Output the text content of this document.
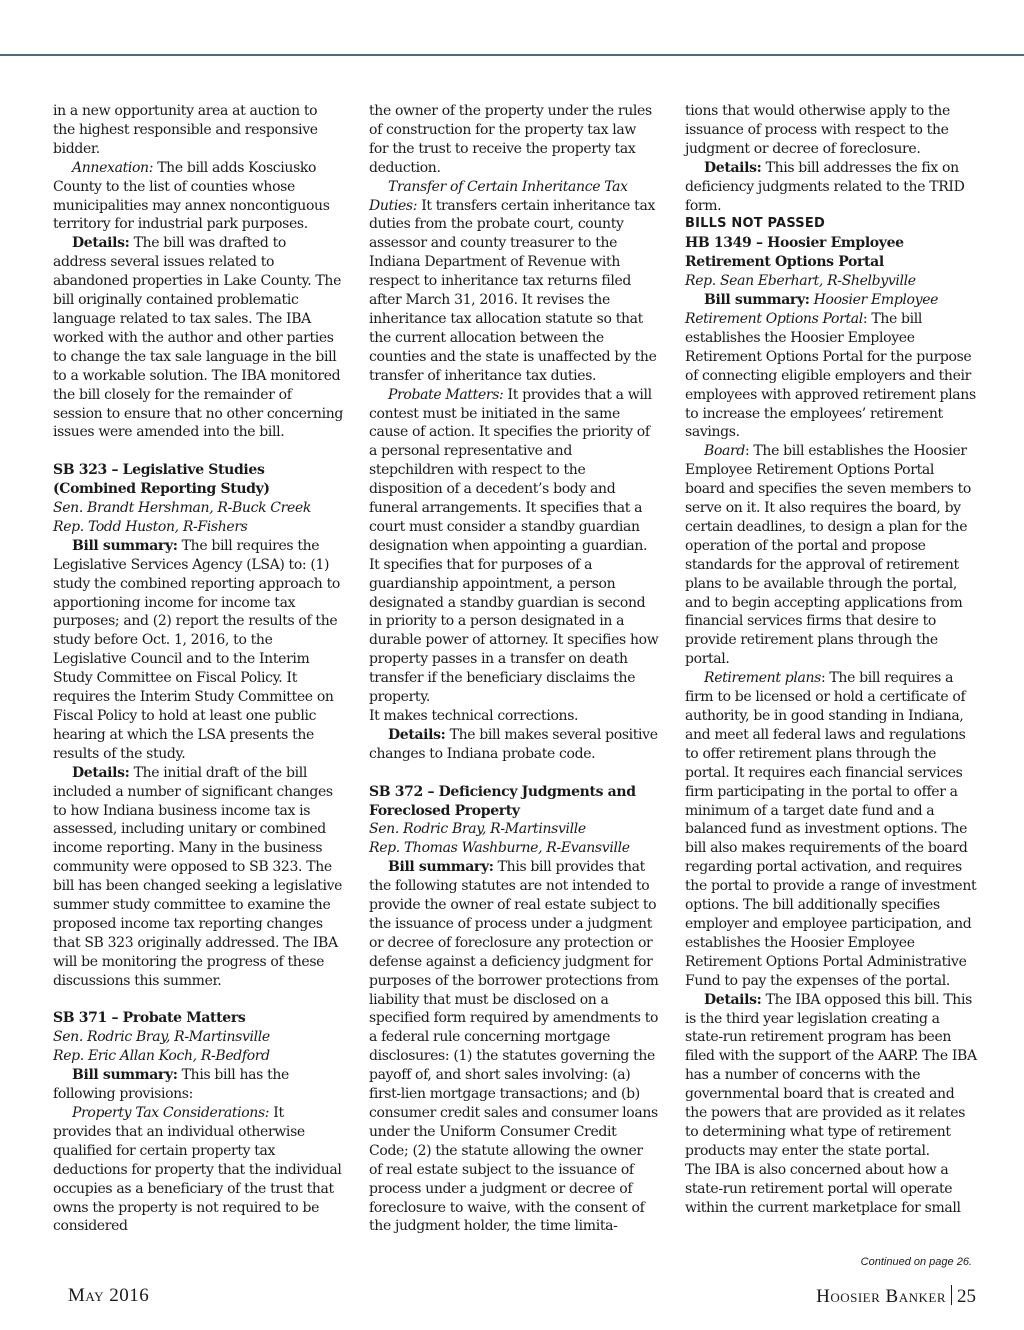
in a new opportunity area at auction to the highest responsible and responsive bidder.

Annexation: The bill adds Kosciusko County to the list of counties whose municipalities may annex noncontiguous territory for industrial park purposes.

Details: The bill was drafted to address several issues related to abandoned properties in Lake County. The bill originally contained problematic language related to tax sales. The IBA worked with the author and other parties to change the tax sale language in the bill to a workable solution. The IBA monitored the bill closely for the remainder of session to ensure that no other concerning issues were amended into the bill.

SB 323 – Legislative Studies (Combined Reporting Study)

Sen. Brandt Hershman, R-Buck Creek

Rep. Todd Huston, R-Fishers

Bill summary: The bill requires the Legislative Services Agency (LSA) to: (1) study the combined reporting approach to apportioning income for income tax purposes; and (2) report the results of the study before Oct. 1, 2016, to the Legislative Council and to the Interim Study Committee on Fiscal Policy. It requires the Interim Study Committee on Fiscal Policy to hold at least one public hearing at which the LSA presents the results of the study.

Details: The initial draft of the bill included a number of significant changes to how Indiana business income tax is assessed, including unitary or combined income reporting. Many in the business community were opposed to SB 323. The bill has been changed seeking a legislative summer study committee to examine the proposed income tax reporting changes that SB 323 originally addressed. The IBA will be monitoring the progress of these discussions this summer.

SB 371 – Probate Matters

Sen. Rodric Bray, R-Martinsville

Rep. Eric Allan Koch, R-Bedford

Bill summary: This bill has the following provisions:

Property Tax Considerations: It provides that an individual otherwise qualified for certain property tax deductions for property that the individual occupies as a beneficiary of the trust that owns the property is not required to be considered

the owner of the property under the rules of construction for the property tax law for the trust to receive the property tax deduction.

Transfer of Certain Inheritance Tax Duties: It transfers certain inheritance tax duties from the probate court, county assessor and county treasurer to the Indiana Department of Revenue with respect to inheritance tax returns filed after March 31, 2016. It revises the inheritance tax allocation statute so that the current allocation between the counties and the state is unaffected by the transfer of inheritance tax duties.

Probate Matters: It provides that a will contest must be initiated in the same cause of action. It specifies the priority of a personal representative and stepchildren with respect to the disposition of a decedent’s body and funeral arrangements. It specifies that a court must consider a standby guardian designation when appointing a guardian. It specifies that for purposes of a guardianship appointment, a person designated a standby guardian is second in priority to a person designated in a durable power of attorney. It specifies how property passes in a transfer on death transfer if the beneficiary disclaims the property.

It makes technical corrections.

Details: The bill makes several positive changes to Indiana probate code.

SB 372 – Deficiency Judgments and Foreclosed Property

Sen. Rodric Bray, R-Martinsville

Rep. Thomas Washburne, R-Evansville

Bill summary: This bill provides that the following statutes are not intended to provide the owner of real estate subject to the issuance of process under a judgment or decree of foreclosure any protection or defense against a deficiency judgment for purposes of the borrower protections from liability that must be disclosed on a specified form required by amendments to a federal rule concerning mortgage disclosures: (1) the statutes governing the payoff of, and short sales involving: (a) first-lien mortgage transactions; and (b) consumer credit sales and consumer loans under the Uniform Consumer Credit Code; (2) the statute allowing the owner of real estate subject to the issuance of process under a judgment or decree of foreclosure to waive, with the consent of the judgment holder, the time limita-

tions that would otherwise apply to the issuance of process with respect to the judgment or decree of foreclosure.

Details: This bill addresses the fix on deficiency judgments related to the TRID form.

BILLS NOT PASSED

HB 1349 – Hoosier Employee Retirement Options Portal

Rep. Sean Eberhart, R-Shelbyville

Bill summary: Hoosier Employee Retirement Options Portal: The bill establishes the Hoosier Employee Retirement Options Portal for the purpose of connecting eligible employers and their employees with approved retirement plans to increase the employees’ retirement savings.

Board: The bill establishes the Hoosier Employee Retirement Options Portal board and specifies the seven members to serve on it. It also requires the board, by certain deadlines, to design a plan for the operation of the portal and propose standards for the approval of retirement plans to be available through the portal, and to begin accepting applications from financial services firms that desire to provide retirement plans through the portal.

Retirement plans: The bill requires a firm to be licensed or hold a certificate of authority, be in good standing in Indiana, and meet all federal laws and regulations to offer retirement plans through the portal. It requires each financial services firm participating in the portal to offer a minimum of a target date fund and a balanced fund as investment options. The bill also makes requirements of the board regarding portal activation, and requires the portal to provide a range of investment options. The bill additionally specifies employer and employee participation, and establishes the Hoosier Employee Retirement Options Portal Administrative Fund to pay the expenses of the portal.

Details: The IBA opposed this bill. This is the third year legislation creating a state-run retirement program has been filed with the support of the AARP. The IBA has a number of concerns with the governmental board that is created and the powers that are provided as it relates to determining what type of retirement products may enter the state portal.

The IBA is also concerned about how a state-run retirement portal will operate within the current marketplace for small

Continued on page 26.
May 2016	Hoosier Banker 25
